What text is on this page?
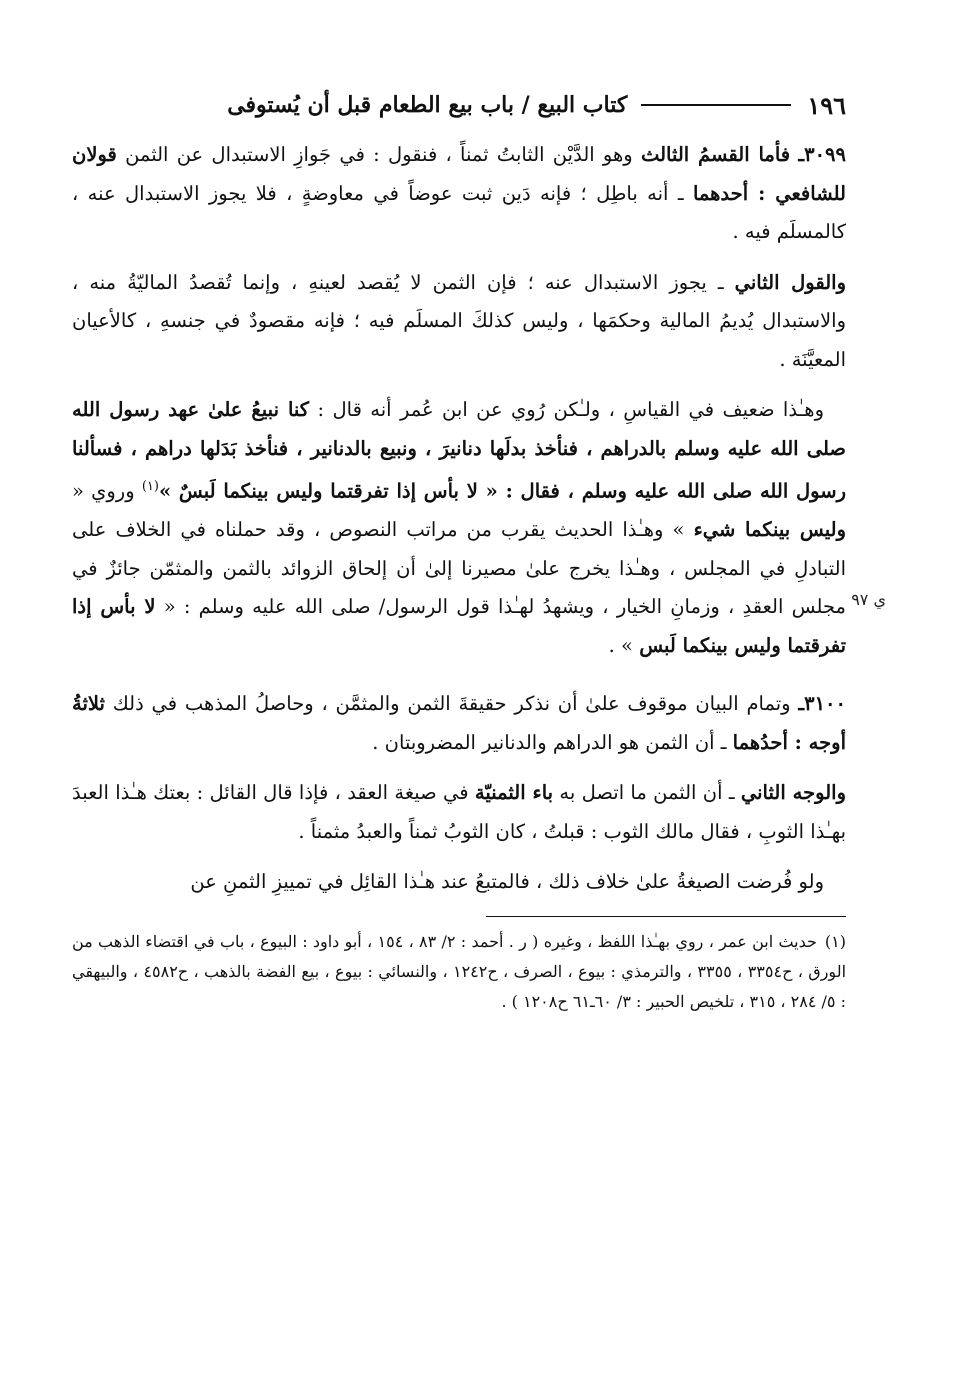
١٩٦
كتاب البيع / باب بيع الطعام قبل أن يُستوفى

٣٠٩٩ـ فأما القسمُ الثالث وهو الدَّيْن الثابتُ ثمناً ، فنقول : في جَوازِ الاستبدال عن الثمن قولان للشافعي : أحدهما ـ أنه باطِل ؛ فإنه دَين ثبت عوضاً في معاوضةٍ ، فلا يجوز الاستبدال عنه ، كالمسلَم فيه .

والقول الثاني ـ يجوز الاستبدال عنه ؛ فإن الثمن لا يُقصد لعينهِ ، وإنما تُقصدُ الماليّةُ منه ، والاستبدال يُديمُ المالية وحكمَها ، وليس كذلكَ المسلَم فيه ؛ فإنه مقصودٌ في جنسهِ ، كالأعيان المعيَّنَة .

وهـٰذا ضعيف في القياسِ ، ولـٰكن رُوي عن ابن عُمر أنه قال : كنا نبيعُ علىٰ عهد رسول الله صلى الله عليه وسلم بالدراهم ، فنأخذ بدلَها دنانيرَ ، ونبيع بالدنانير ، فنأخذ بَدَلها دراهم ، فسألنا رسول الله صلى الله عليه وسلم ، فقال : « لا بأس إذا تفرقتما وليس بينكما لَبسٌ »$^{(١)}$ وروي « وليس بينكما شيء » وهـٰذا الحديث يقرب من مراتب النصوص ، وقد حملناه في الخلاف على التبادلِ في المجلس ، وهـٰذا يخرج علىٰ مصيرنا إلىٰ أن إلحاق الزوائد بالثمن والمثمّن جائزٌ في مجلس العقدِ ، وزمانِ الخيار ، ويشهدُ لهـٰذا قول الرسول/ صلى الله عليه وسلم : « لا بأس إذا تفرقتما وليس بينكما لَبس » .
ي ٩٧

٣١٠٠ـ وتمام البيان موقوف علىٰ أن نذكر حقيقةَ الثمن والمثمَّن ، وحاصلُ المذهب في ذلك ثلاثةُ أوجه : أحدُهما ـ أن الثمن هو الدراهم والدنانير المضروبتان .

والوجه الثاني ـ أن الثمن ما اتصل به باء الثمنيّة في صيغة العقد ، فإذا قال القائل : بعتك هـٰذا العبدَ بهـٰذا الثوبِ ، فقال مالك الثوب : قبلتُ ، كان الثوبُ ثمناً والعبدُ مثمناً .

ولو فُرضت الصيغةُ علىٰ خلاف ذلك ، فالمتبعُ عند هـٰذا القائِل في تمييزِ الثمنِ عن

(١)حديث ابن عمر ، روي بهـٰذا اللفظ ، وغيره ( ر . أحمد : ٢/ ٨٣ ، ١٥٤ ، أبو داود : البيوع ، باب في اقتضاء الذهب من الورق ، ح٣٣٥٤ ، ٣٣٥٥ ، والترمذي : بيوع ، الصرف ، ح١٢٤٢ ، والنسائي : بيوع ، بيع الفضة بالذهب ، ح٤٥٨٢ ، والبيهقي : ٥/ ٢٨٤ ، ٣١٥ ، تلخيص الحبير : ٣/ ٦٠ـ٦١ ح١٢٠٨ ) .
